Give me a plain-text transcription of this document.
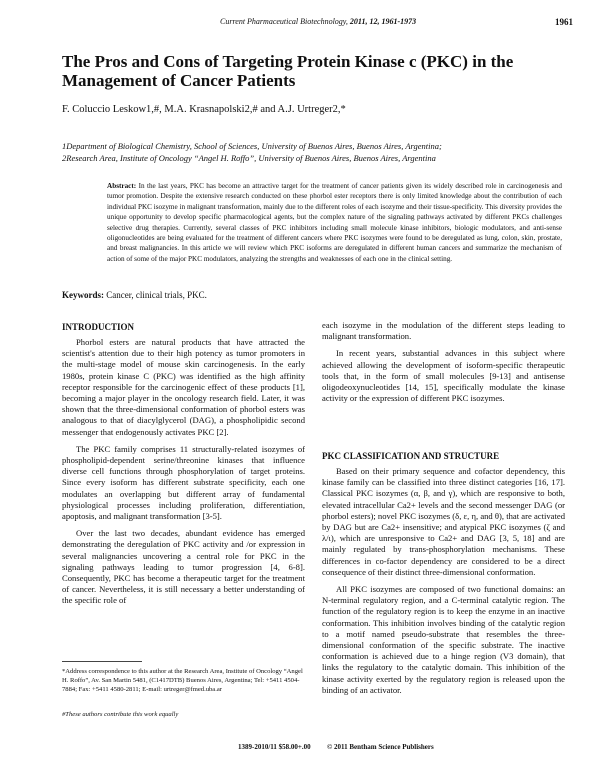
Current Pharmaceutical Biotechnology, 2011, 12, 1961-1973	1961
The Pros and Cons of Targeting Protein Kinase c (PKC) in the Management of Cancer Patients
F. Coluccio Leskow1,#, M.A. Krasnapolski2,# and A.J. Urtreger2,*
1Department of Biological Chemistry, School of Sciences, University of Buenos Aires, Buenos Aires, Argentina;
2Research Area, Institute of Oncology “Angel H. Roffo”, University of Buenos Aires, Buenos Aires, Argentina
Abstract: In the last years, PKC has become an attractive target for the treatment of cancer patients given its widely described role in carcinogenesis and tumor promotion. Despite the extensive research conducted on these phorbol ester receptors there is only limited knowledge about the contribution of each individual PKC isozyme in malignant transformation, mainly due to the different roles of each isozyme and their tissue-specificity. This diversity provides the unique opportunity to develop specific pharmacological agents, but the complex nature of the signaling pathways activated by different PKCs challenges selective drug therapies. Currently, several classes of PKC inhibitors including small molecule kinase inhibitors, biologic modulators, and anti-sense oligonucleotides are being evaluated for the treatment of different cancers where PKC isozymes were found to be deregulated as lung, colon, skin, prostate, and breast malignancies. In this article we will review which PKC isoforms are deregulated in different human cancers and summarize the mechanism of action of some of the major PKC modulators, analyzing the strengths and weaknesses of each one in the clinical setting.
Keywords: Cancer, clinical trials, PKC.
INTRODUCTION

Phorbol esters are natural products that have attracted the scientist's attention due to their high potency as tumor promoters in the multi-stage model of mouse skin carcinogenesis. In the early 1980s, protein kinase C (PKC) was identified as the high affinity receptor responsible for the carcinogenic effect of these products [1], becoming a major player in the oncology research field. Later, it was shown that the three-dimensional conformation of phorbol esters was analogous to that of diacylglycerol (DAG), a phospholipidic second messenger that endogenously activates PKC [2].

The PKC family comprises 11 structurally-related isozymes of phospholipid-dependent serine/threonine kinases that influence diverse cell functions through phosphorylation of target proteins. Since every isoform has different substrate specificity, each one modulates an overlapping but different array of fundamental physiological processes including proliferation, differentiation, apoptosis, and malignant transformation [3-5].

Over the last two decades, abundant evidence has emerged demonstrating the deregulation of PKC activity and /or expression in several malignancies uncovering a central role for PKC in the signaling pathways leading to tumor progression [4, 6-8]. Consequently, PKC has become a therapeutic target for the treatment of cancer. Nevertheless, it is still necessary a better understanding of the specific role of

each isozyme in the modulation of the different steps leading to malignant transformation.

In recent years, substantial advances in this subject where achieved allowing the development of isoform-specific therapeutic tools that, in the form of small molecules [9-13] and antisense oligodeoxynucleotides [14, 15], specifically modulate the kinase activity or the expression of different PKC isozymes.

PKC CLASSIFICATION AND STRUCTURE

Based on their primary sequence and cofactor dependency, this kinase family can be classified into three distinct categories [16, 17]. Classical PKC isozymes (α, β, and γ), which are responsive to both, elevated intracellular Ca2+ levels and the second messenger DAG (or phorbol esters); novel PKC isozymes (δ, ε, η, and θ), that are activated by DAG but are Ca2+ insensitive; and atypical PKC isozymes (ζ and λ/ι), which are unresponsive to Ca2+ and DAG [3, 5, 18] and are mainly regulated by trans-phosphorylation mechanisms. These differences in co-factor dependency are considered to be a direct consequence of their distinct three-dimensional conformation.

All PKC isozymes are composed of two functional domains: an N-terminal regulatory region, and a C-terminal catalytic region. The function of the regulatory region is to keep the enzyme in an inactive conformation. This inhibition involves binding of the catalytic region to a motif named pseudo-substrate that resembles the three-dimensional conformation of the specific substrate. The inactive conformation is achieved due to a hinge region (V3 domain), that links the regulatory to the catalytic domain. This inhibition of the kinase activity exerted by the regulatory region is released upon the binding of an activator.

*Address correspondence to this author at the Research Area, Institute of Oncology “Angel H. Roffo”, Av. San Martin 5481, (C1417DTB) Buenos Aires, Argentina; Tel: +5411 4504-7884; Fax: +5411 4580-2811; E-mail: urtreger@fmed.uba.ar
#These authors contribute this work equally
1389-2010/11 $58.00+.00 © 2011 Bentham Science Publishers
